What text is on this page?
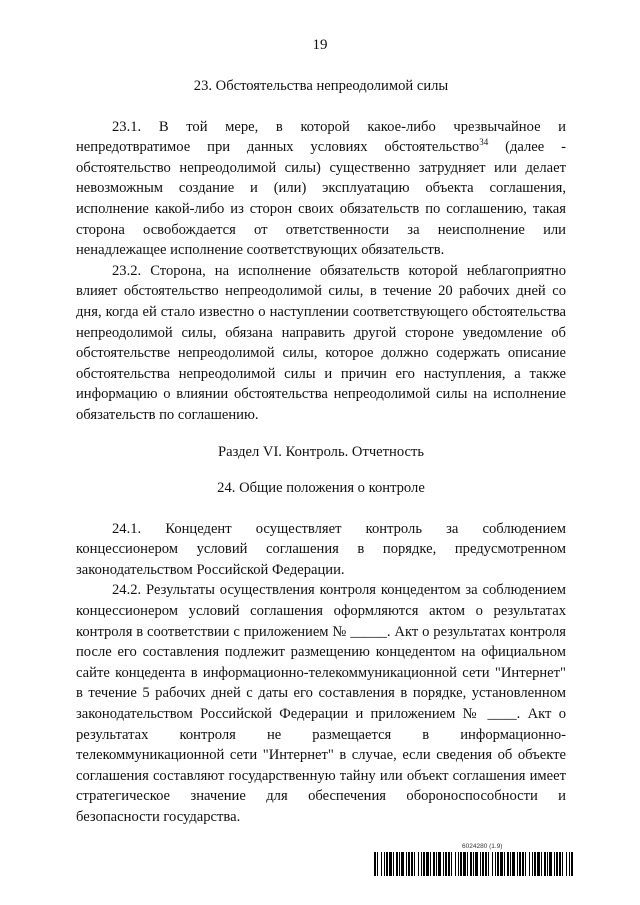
19

23. Обстоятельства непреодолимой силы

23.1. В той мере, в которой какое-либо чрезвычайное и непредотвратимое при данных условиях обстоятельство$^{34}$ (далее - обстоятельство непреодолимой силы) существенно затрудняет или делает невозможным создание и (или) эксплуатацию объекта соглашения, исполнение какой-либо из сторон своих обязательств по соглашению, такая сторона освобождается от ответственности за неисполнение или ненадлежащее исполнение соответствующих обязательств.

23.2. Сторона, на исполнение обязательств которой неблагоприятно влияет обстоятельство непреодолимой силы, в течение 20 рабочих дней со дня, когда ей стало известно о наступлении соответствующего обстоятельства непреодолимой силы, обязана направить другой стороне уведомление об обстоятельстве непреодолимой силы, которое должно содержать описание обстоятельства непреодолимой силы и причин его наступления, а также информацию о влиянии обстоятельства непреодолимой силы на исполнение обязательств по соглашению.

Раздел VI. Контроль. Отчетность

24. Общие положения о контроле

24.1. Концедент осуществляет контроль за соблюдением концессионером условий соглашения в порядке, предусмотренном законодательством Российской Федерации.

24.2. Результаты осуществления контроля концедентом за соблюдением концессионером условий соглашения оформляются актом о результатах контроля в соответствии с приложением № _____. Акт о результатах контроля после его составления подлежит размещению концедентом на официальном сайте концедента в информационно-телекоммуникационной сети "Интернет" в течение 5 рабочих дней с даты его составления в порядке, установленном законодательством Российской Федерации и приложением № ____. Акт о результатах контроля не размещается в информационно-телекоммуникационной сети "Интернет" в случае, если сведения об объекте соглашения составляют государственную тайну или объект соглашения имеет стратегическое значение для обеспечения обороноспособности и безопасности государства.

6024280 (1.9)
